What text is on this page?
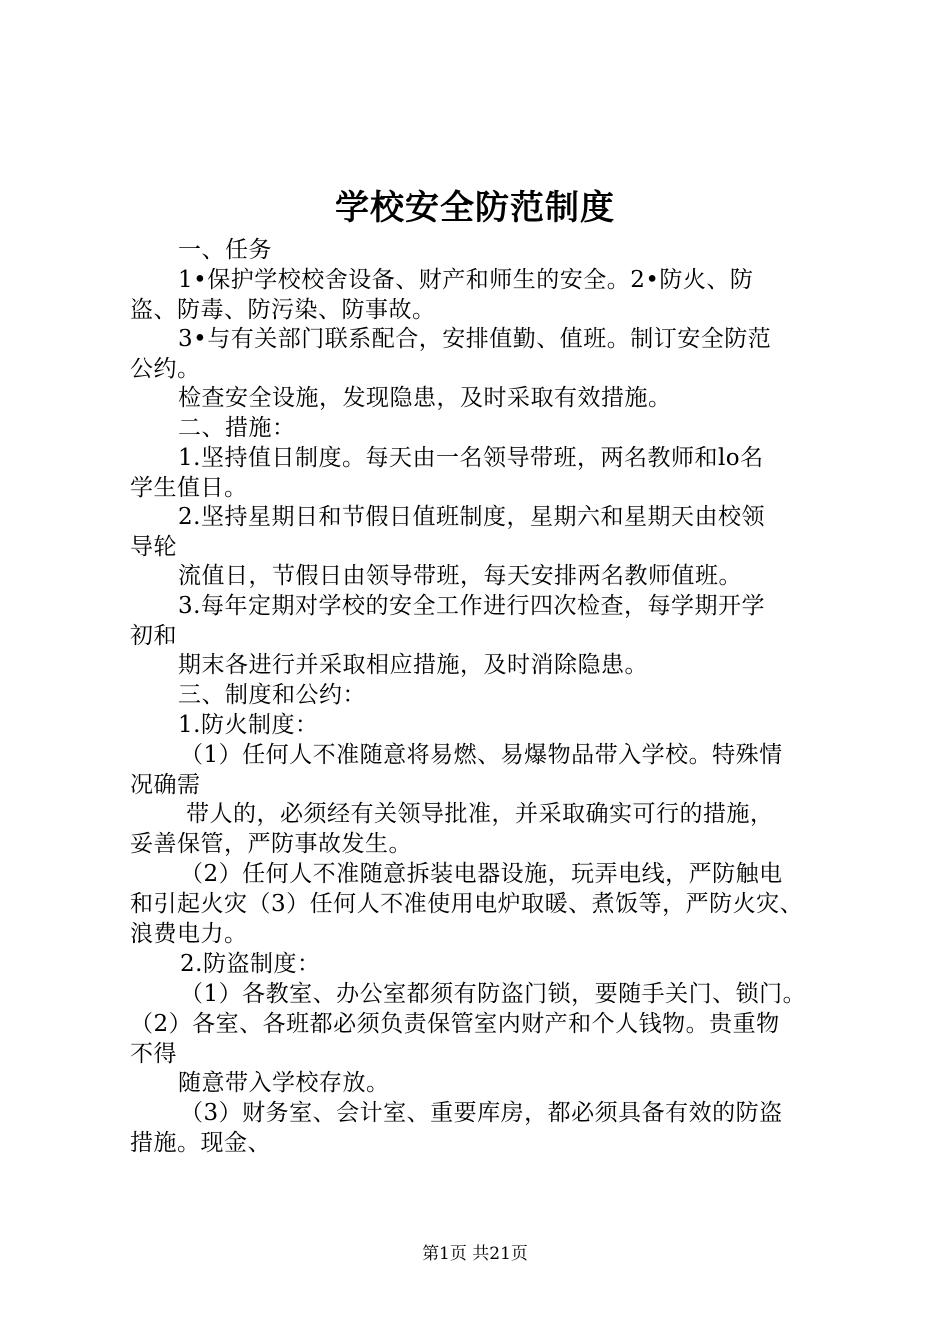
学校安全防范制度
一、任务
1•保护学校校舍设备、财产和师生的安全。2•防火、防
盗、防毒、防污染、防事故。
3•与有关部门联系配合，安排值勤、值班。制订安全防范
公约。
检查安全设施，发现隐患，及时采取有效措施。
二、措施：
1.坚持值日制度。每天由一名领导带班，两名教师和lo名
学生值日。
2.坚持星期日和节假日值班制度，星期六和星期天由校领
导轮
流值日，节假日由领导带班，每天安排两名教师值班。
3.每年定期对学校的安全工作进行四次检查，每学期开学
初和
期末各进行并采取相应措施，及时消除隐患。
三、制度和公约：
1.防火制度：
（1）任何人不准随意将易燃、易爆物品带入学校。特殊情
况确需
带人的，必须经有关领导批准，并采取确实可行的措施，
妥善保管，严防事故发生。
（2）任何人不准随意拆装电器设施，玩弄电线，严防触电
和引起火灾（3）任何人不准使用电炉取暖、煮饭等，严防火灾、
浪费电力。
2.防盗制度：
（1）各教室、办公室都须有防盗门锁，要随手关门、锁门。
（2）各室、各班都必须负责保管室内财产和个人钱物。贵重物
不得
随意带入学校存放。
（3）财务室、会计室、重要库房，都必须具备有效的防盗
措施。现金、
第1页 共21页
